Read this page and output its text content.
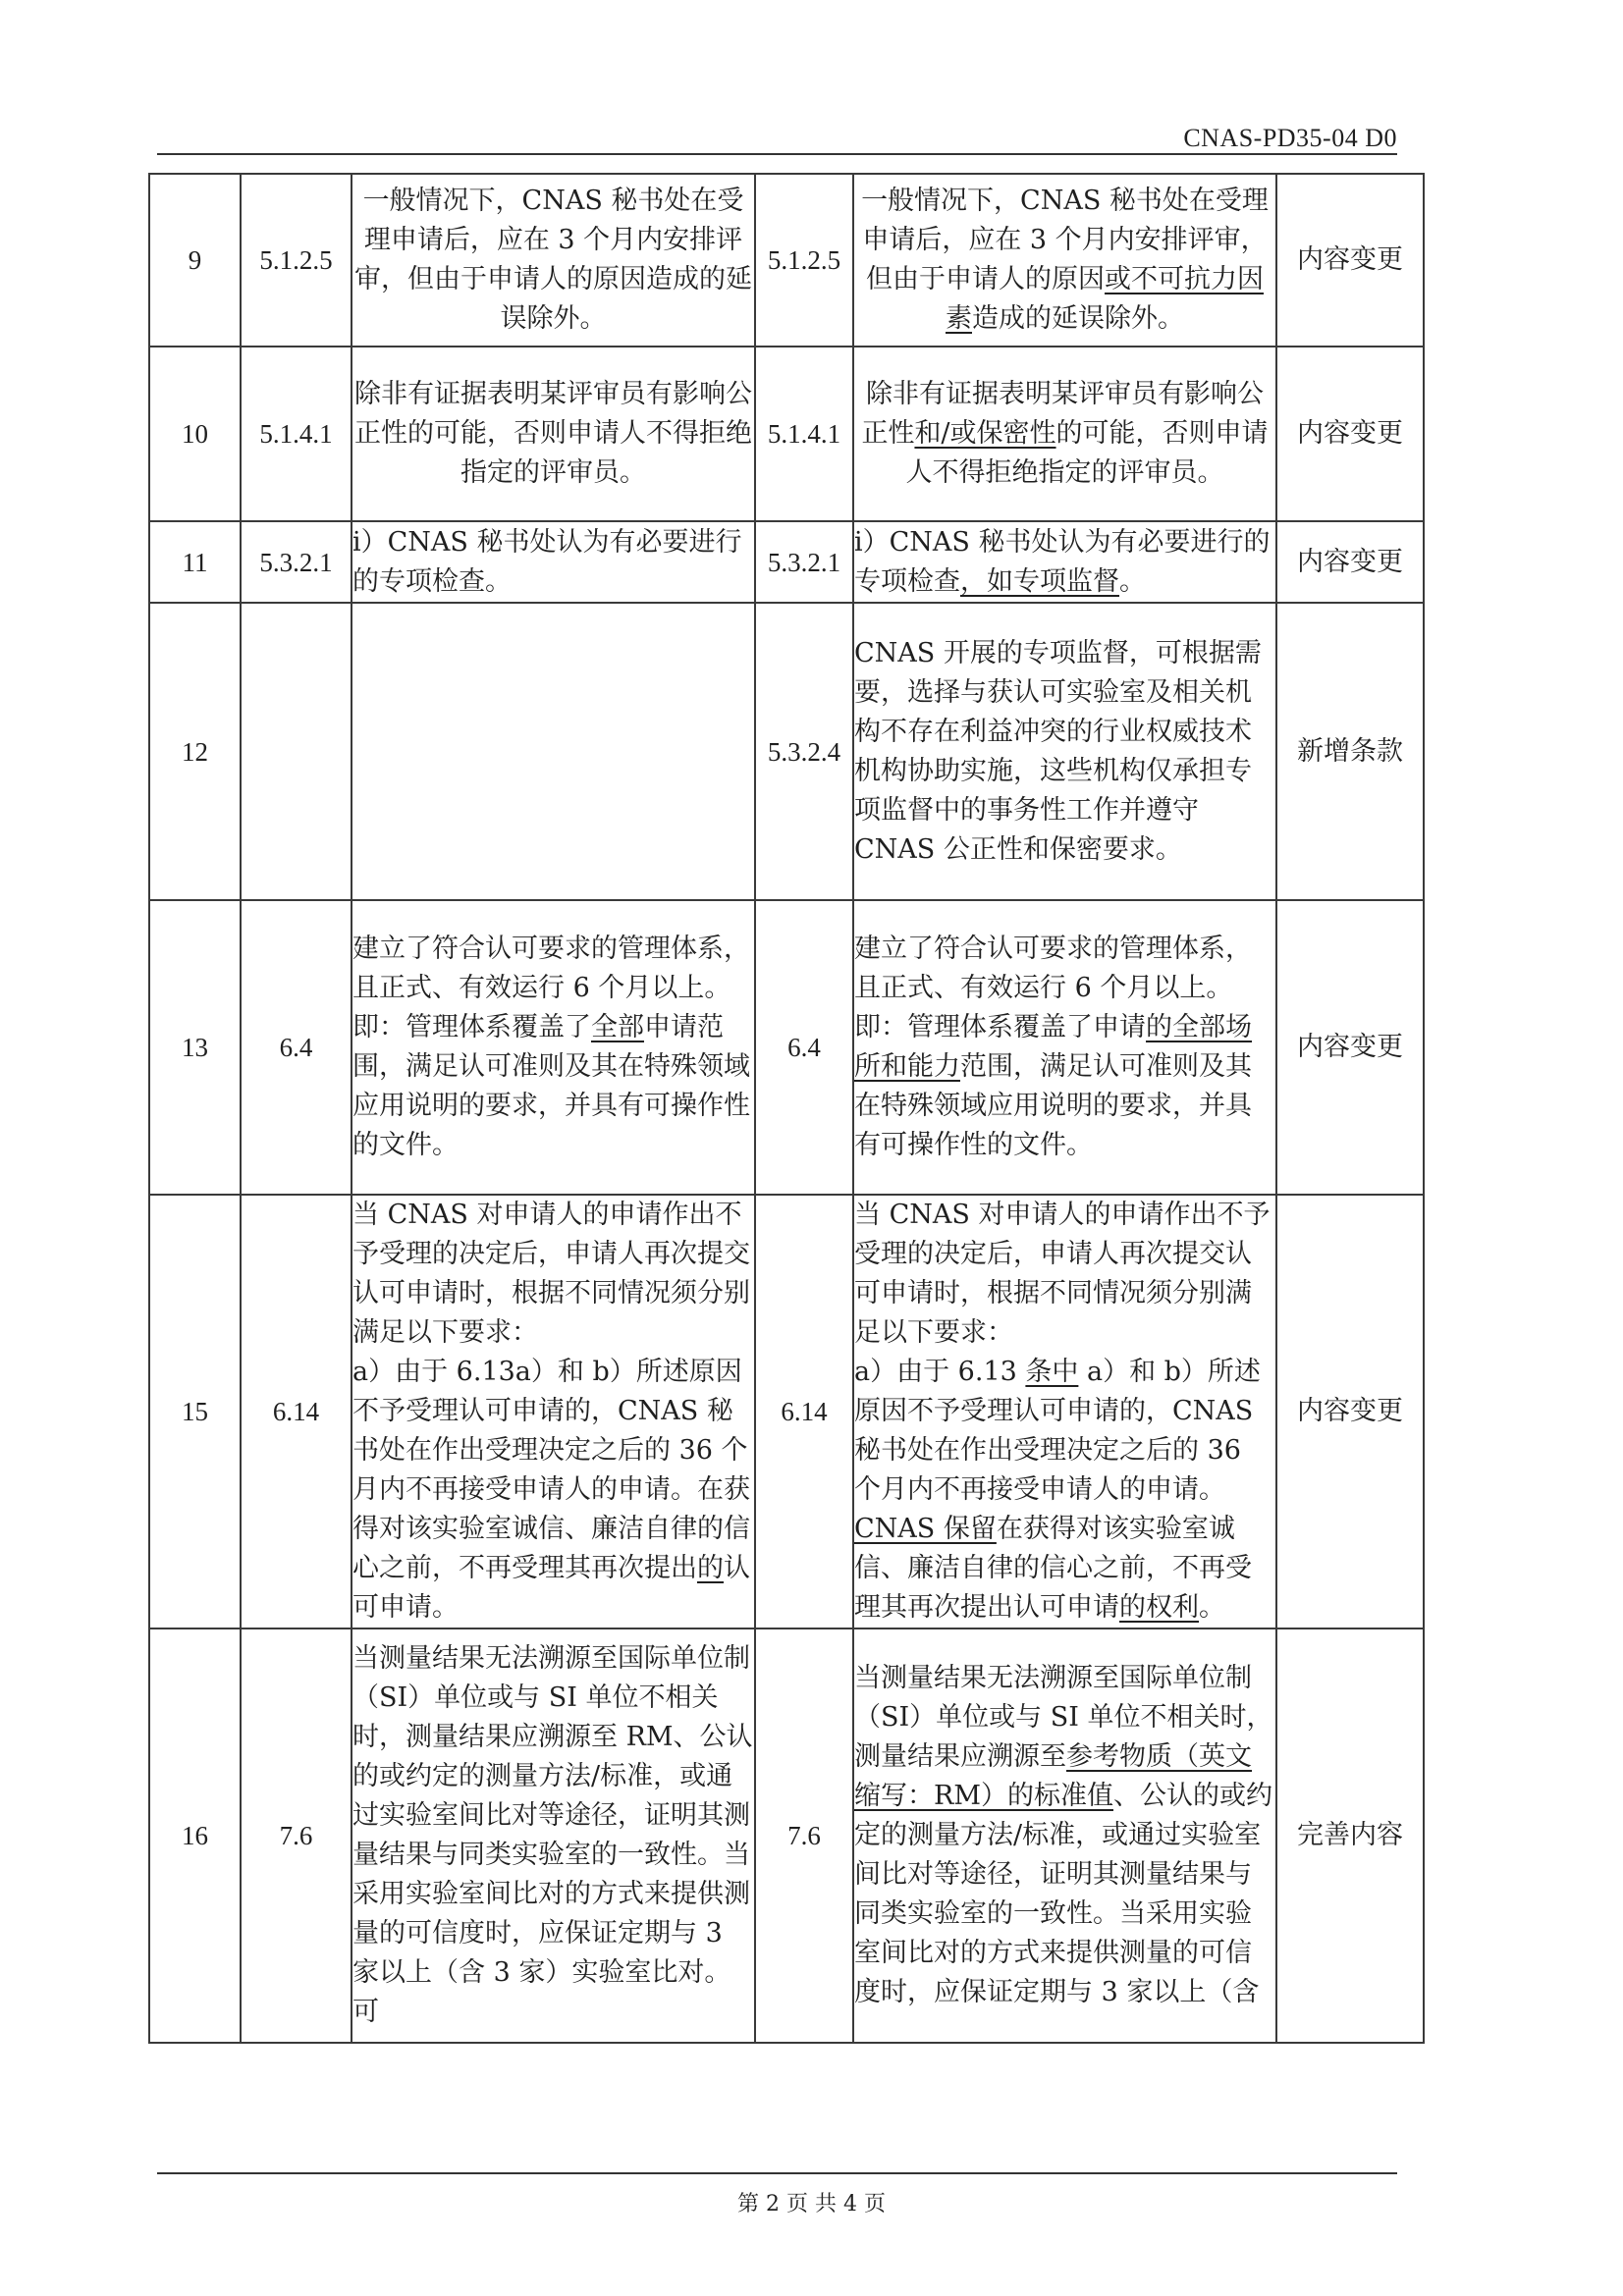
CNAS-PD35-04 D0
9	5.1.2.5	一般情况下，CNAS 秘书处在受理申请后，应在 3 个月内安排评审，但由于申请人的原因造成的延误除外。	5.1.2.5	一般情况下，CNAS 秘书处在受理申请后，应在 3 个月内安排评审，但由于申请人的原因或不可抗力因素造成的延误除外。	内容变更
10	5.1.4.1	除非有证据表明某评审员有影响公正性的可能，否则申请人不得拒绝指定的评审员。	5.1.4.1	除非有证据表明某评审员有影响公正性和/或保密性的可能，否则申请人不得拒绝指定的评审员。	内容变更
11	5.3.2.1	i）CNAS 秘书处认为有必要进行的专项检查。	5.3.2.1	i）CNAS 秘书处认为有必要进行的专项检查，如专项监督。	内容变更
12			5.3.2.4	CNAS 开展的专项监督，可根据需要，选择与获认可实验室及相关机构不存在利益冲突的行业权威技术机构协助实施，这些机构仅承担专项监督中的事务性工作并遵守 CNAS 公正性和保密要求。	新增条款
13	6.4	建立了符合认可要求的管理体系，且正式、有效运行 6 个月以上。即：管理体系覆盖了全部申请范围，满足认可准则及其在特殊领域应用说明的要求，并具有可操作性的文件。	6.4	建立了符合认可要求的管理体系，且正式、有效运行 6 个月以上。即：管理体系覆盖了申请的全部场所和能力范围，满足认可准则及其在特殊领域应用说明的要求，并具有可操作性的文件。	内容变更
15	6.14	当 CNAS 对申请人的申请作出不予受理的决定后，申请人再次提交认可申请时，根据不同情况须分别满足以下要求：
a）由于 6.13a）和 b）所述原因不予受理认可申请的，CNAS 秘书处在作出受理决定之后的 36 个月内不再接受申请人的申请。在获得对该实验室诚信、廉洁自律的信心之前，不再受理其再次提出的认可申请。	6.14	当 CNAS 对申请人的申请作出不予受理的决定后，申请人再次提交认可申请时，根据不同情况须分别满足以下要求：
a）由于 6.13 条中 a）和 b）所述原因不予受理认可申请的，CNAS 秘书处在作出受理决定之后的 36 个月内不再接受申请人的申请。CNAS 保留在获得对该实验室诚信、廉洁自律的信心之前，不再受理其再次提出认可申请的权利。	内容变更
16	7.6	当测量结果无法溯源至国际单位制（SI）单位或与 SI 单位不相关时，测量结果应溯源至 RM、公认的或约定的测量方法/标准，或通过实验室间比对等途径，证明其测量结果与同类实验室的一致性。当采用实验室间比对的方式来提供测量的可信度时，应保证定期与 3 家以上（含 3 家）实验室比对。可	7.6	当测量结果无法溯源至国际单位制（SI）单位或与 SI 单位不相关时，测量结果应溯源至参考物质（英文缩写：RM）的标准值、公认的或约定的测量方法/标准，或通过实验室间比对等途径，证明其测量结果与同类实验室的一致性。当采用实验室间比对的方式来提供测量的可信度时，应保证定期与 3 家以上（含	完善内容
第 2 页 共 4 页
